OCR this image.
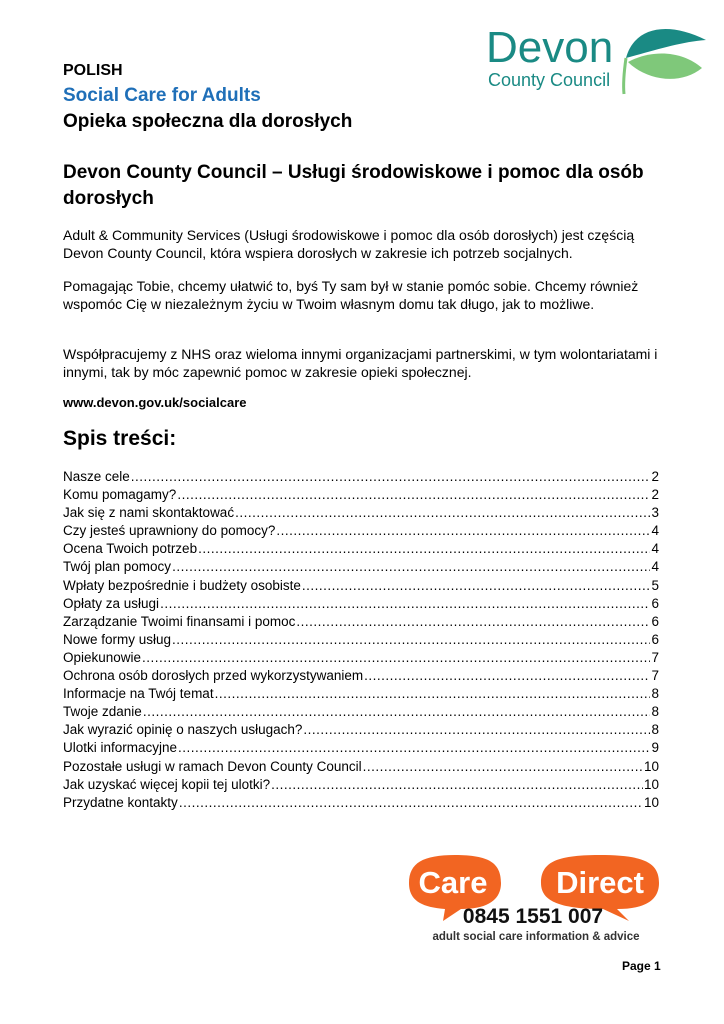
POLISH
Social Care for Adults
Opieka społeczna dla dorosłych
Devon
County Council
Devon County Council – Usługi środowiskowe i pomoc dla osób dorosłych

Adult & Community Services (Usługi środowiskowe i pomoc dla osób dorosłych) jest częścią Devon County Council, która wspiera dorosłych w zakresie ich potrzeb socjalnych.

Pomagając Tobie, chcemy ułatwić to, byś Ty sam był w stanie pomóc sobie. Chcemy również wspomóc Cię w niezależnym życiu w Twoim własnym domu tak długo, jak to możliwe.

Współpracujemy z NHS oraz wieloma innymi organizacjami partnerskimi, w tym wolontariatami i innymi, tak by móc zapewnić pomoc w zakresie opieki społecznej.

www.devon.gov.uk/socialcare
Spis treści:
Nasze cele .....	2
Komu pomagamy? .....	2
Jak się z nami skontaktować .....	3
Czy jesteś uprawniony do pomocy? .....	4
Ocena Twoich potrzeb .....	4
Twój plan pomocy .....	4
Wpłaty bezpośrednie i budżety osobiste .....	5
Opłaty za usługi .....	6
Zarządzanie Twoimi finansami i pomoc .....	6
Nowe formy usług .....	6
Opiekunowie .....	7
Ochrona osób dorosłych przed wykorzystywaniem .....	7
Informacje na Twój temat .....	8
Twoje zdanie .....	8
Jak wyrazić opinię o naszych usługach? .....	8
Ulotki informacyjne .....	9
Pozostałe usługi w ramach Devon County Council .....	10
Jak uzyskać więcej kopii tej ulotki? .....	10
Przydatne kontakty .....	10
Care Direct
0845 1551 007
adult social care information & advice
Page 1
